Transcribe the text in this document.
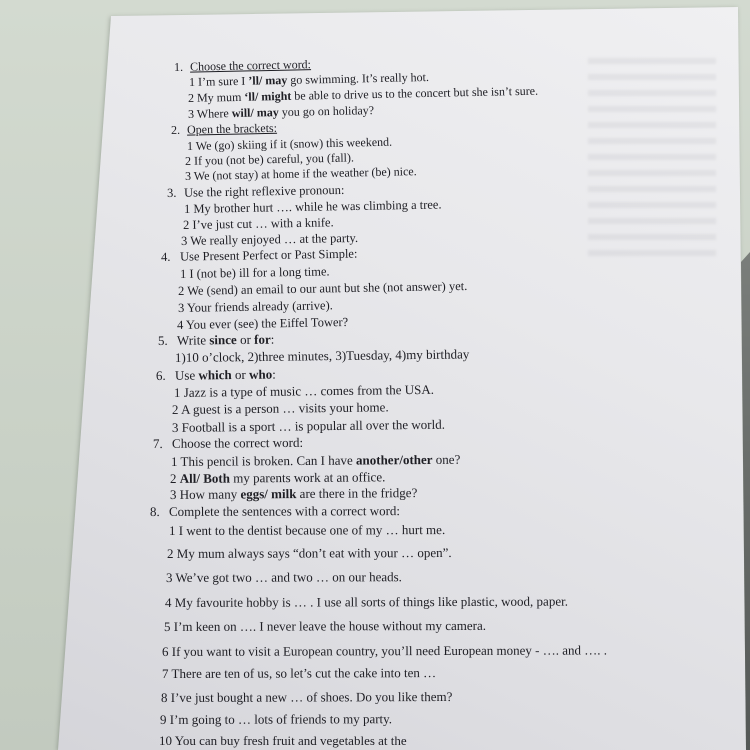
1. Choose the correct word:
1 I’m sure I ’ll/ may go swimming. It’s really hot.
2 My mum ‘ll/ might be able to drive us to the concert but she isn’t sure.
3 Where will/ may you go on holiday?
2. Open the brackets:
1 We (go) skiing if it (snow) this weekend.
2 If you (not be) careful, you (fall).
3 We (not stay) at home if the weather (be) nice.
3. Use the right reflexive pronoun:
1 My brother hurt …. while he was climbing a tree.
2 I’ve just cut … with a knife.
3 We really enjoyed … at the party.
4. Use Present Perfect or Past Simple:
1 I (not be) ill for a long time.
2 We (send) an email to our aunt but she (not answer) yet.
3 Your friends already (arrive).
4 You ever (see) the Eiffel Tower?
5. Write since or for:
1)10 o’clock, 2)three minutes, 3)Tuesday, 4)my birthday
6. Use which or who:
1 Jazz is a type of music … comes from the USA.
2 A guest is a person … visits your home.
3 Football is a sport … is popular all over the world.
7. Choose the correct word:
1 This pencil is broken. Can I have another/other one?
2 All/ Both my parents work at an office.
3 How many eggs/ milk are there in the fridge?
8. Complete the sentences with a correct word:
1 I went to the dentist because one of my … hurt me.
2 My mum always says “don’t eat with your … open”.
3 We’ve got two … and two … on our heads.
4 My favourite hobby is … . I use all sorts of things like plastic, wood, paper.
5 I’m keen on …. I never leave the house without my camera.
6 If you want to visit a European country, you’ll need European money - …. and …. .
7 There are ten of us, so let’s cut the cake into ten …
8 I’ve just bought a new … of shoes. Do you like them?
9 I’m going to … lots of friends to my party.
10 You can buy fresh fruit and vegetables at the
